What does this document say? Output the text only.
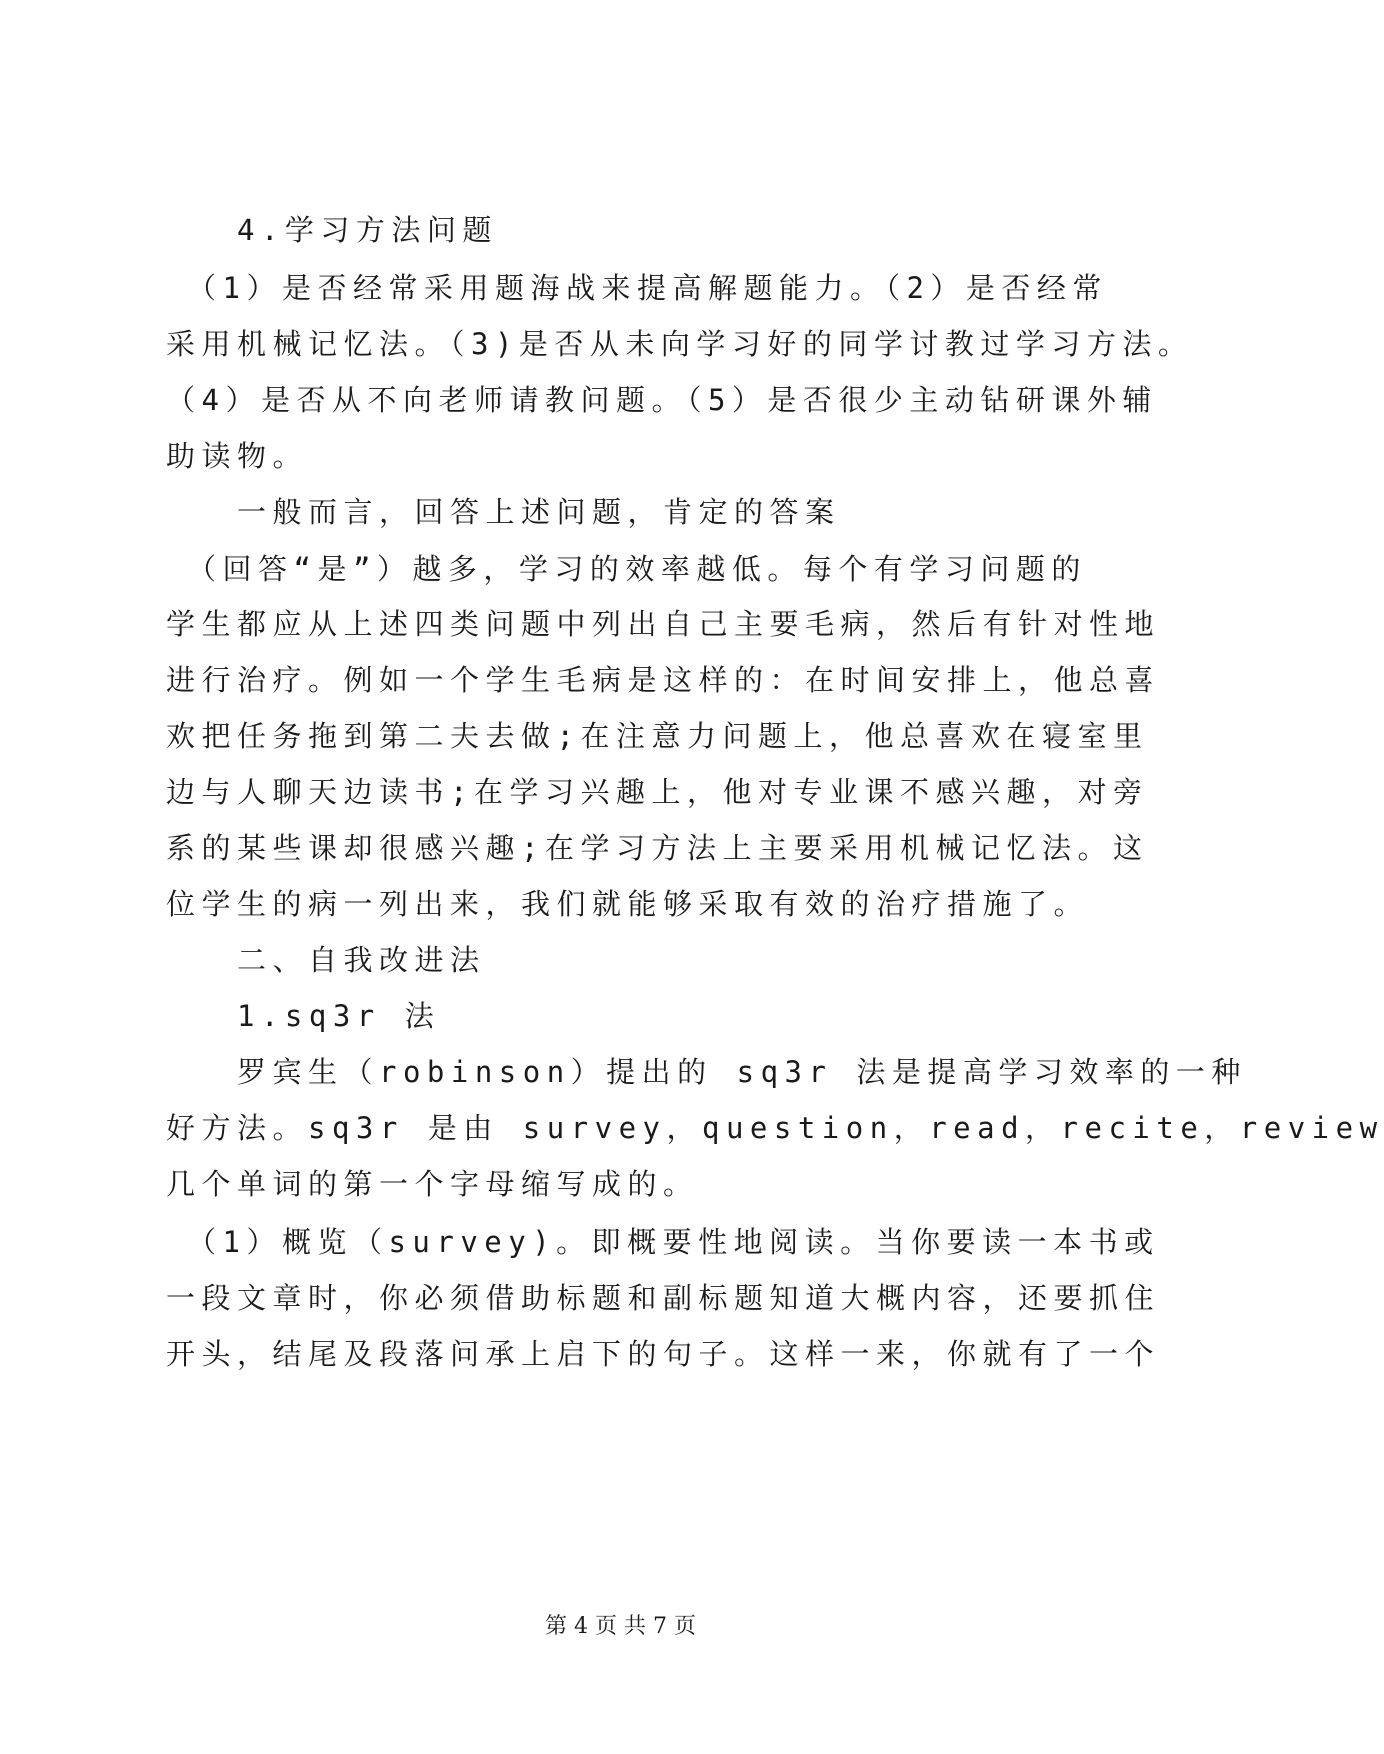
　　4.学习方法问题
　（1）是否经常采用题海战来提高解题能力。（2）是否经常
采用机械记忆法。（3)是否从未向学习好的同学讨教过学习方法。
（4）是否从不向老师请教问题。（5）是否很少主动钻研课外辅
助读物。
　　一般而言，回答上述问题，肯定的答案
　（回答“是”）越多，学习的效率越低。每个有学习问题的
学生都应从上述四类问题中列出自己主要毛病，然后有针对性地
进行治疗。例如一个学生毛病是这样的：在时间安排上，他总喜
欢把任务拖到第二夫去做;在注意力问题上，他总喜欢在寝室里
边与人聊天边读书;在学习兴趣上，他对专业课不感兴趣，对旁
系的某些课却很感兴趣;在学习方法上主要采用机械记忆法。这
位学生的病一列出来，我们就能够采取有效的治疗措施了。
　　二、自我改进法
　　1.sq3r 法
　　罗宾生（robinson）提出的 sq3r 法是提高学习效率的一种
好方法。sq3r 是由 survey，question，read，recite，review
几个单词的第一个字母缩写成的。
　（1）概览（survey)。即概要性地阅读。当你要读一本书或
一段文章时，你必须借助标题和副标题知道大概内容，还要抓住
开头，结尾及段落问承上启下的句子。这样一来，你就有了一个
第 4 页 共 7 页
